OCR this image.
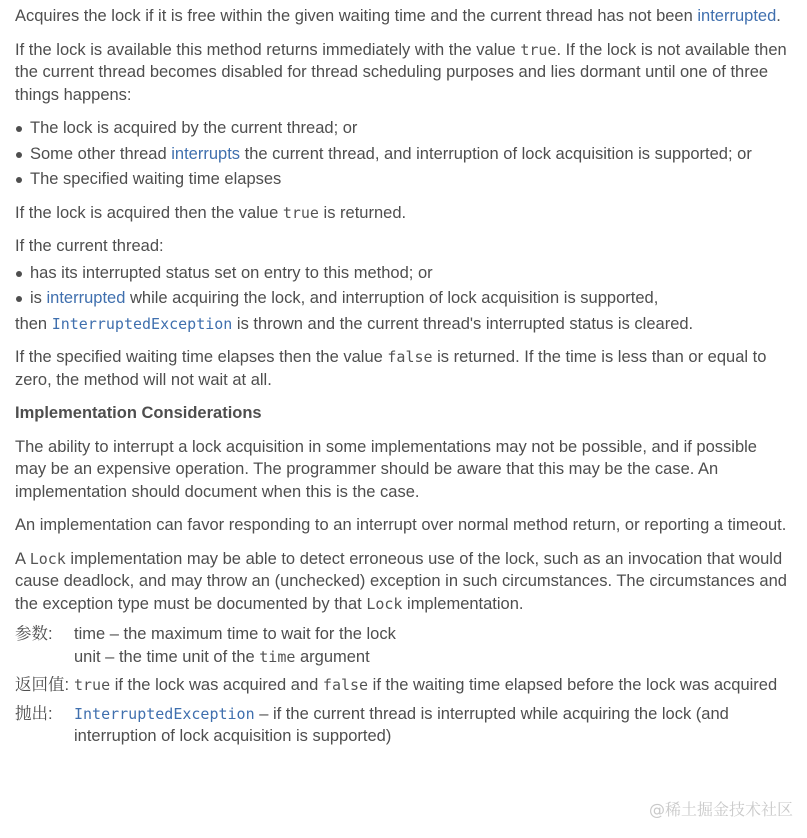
Acquires the lock if it is free within the given waiting time and the current thread has not been interrupted.

If the lock is available this method returns immediately with the value true. If the lock is not available then the current thread becomes disabled for thread scheduling purposes and lies dormant until one of three things happens:

The lock is acquired by the current thread; or
Some other thread interrupts the current thread, and interruption of lock acquisition is supported; or
The specified waiting time elapses

If the lock is acquired then the value true is returned.

If the current thread:

has its interrupted status set on entry to this method; or
is interrupted while acquiring the lock, and interruption of lock acquisition is supported,

then InterruptedException is thrown and the current thread's interrupted status is cleared.

If the specified waiting time elapses then the value false is returned. If the time is less than or equal to zero, the method will not wait at all.

Implementation Considerations

The ability to interrupt a lock acquisition in some implementations may not be possible, and if possible may be an expensive operation. The programmer should be aware that this may be the case. An implementation should document when this is the case.

An implementation can favor responding to an interrupt over normal method return, or reporting a timeout.

A Lock implementation may be able to detect erroneous use of the lock, such as an invocation that would cause deadlock, and may throw an (unchecked) exception in such circumstances. The circumstances and the exception type must be documented by that Lock implementation.

参数:	time – the maximum time to wait for the lock
unit – the time unit of the time argument
返回值: true if the lock was acquired and false if the waiting time elapsed before the lock was acquired
抛出:	InterruptedException – if the current thread is interrupted while acquiring the lock (and interruption of lock acquisition is supported)
@稀土掘金技术社区
